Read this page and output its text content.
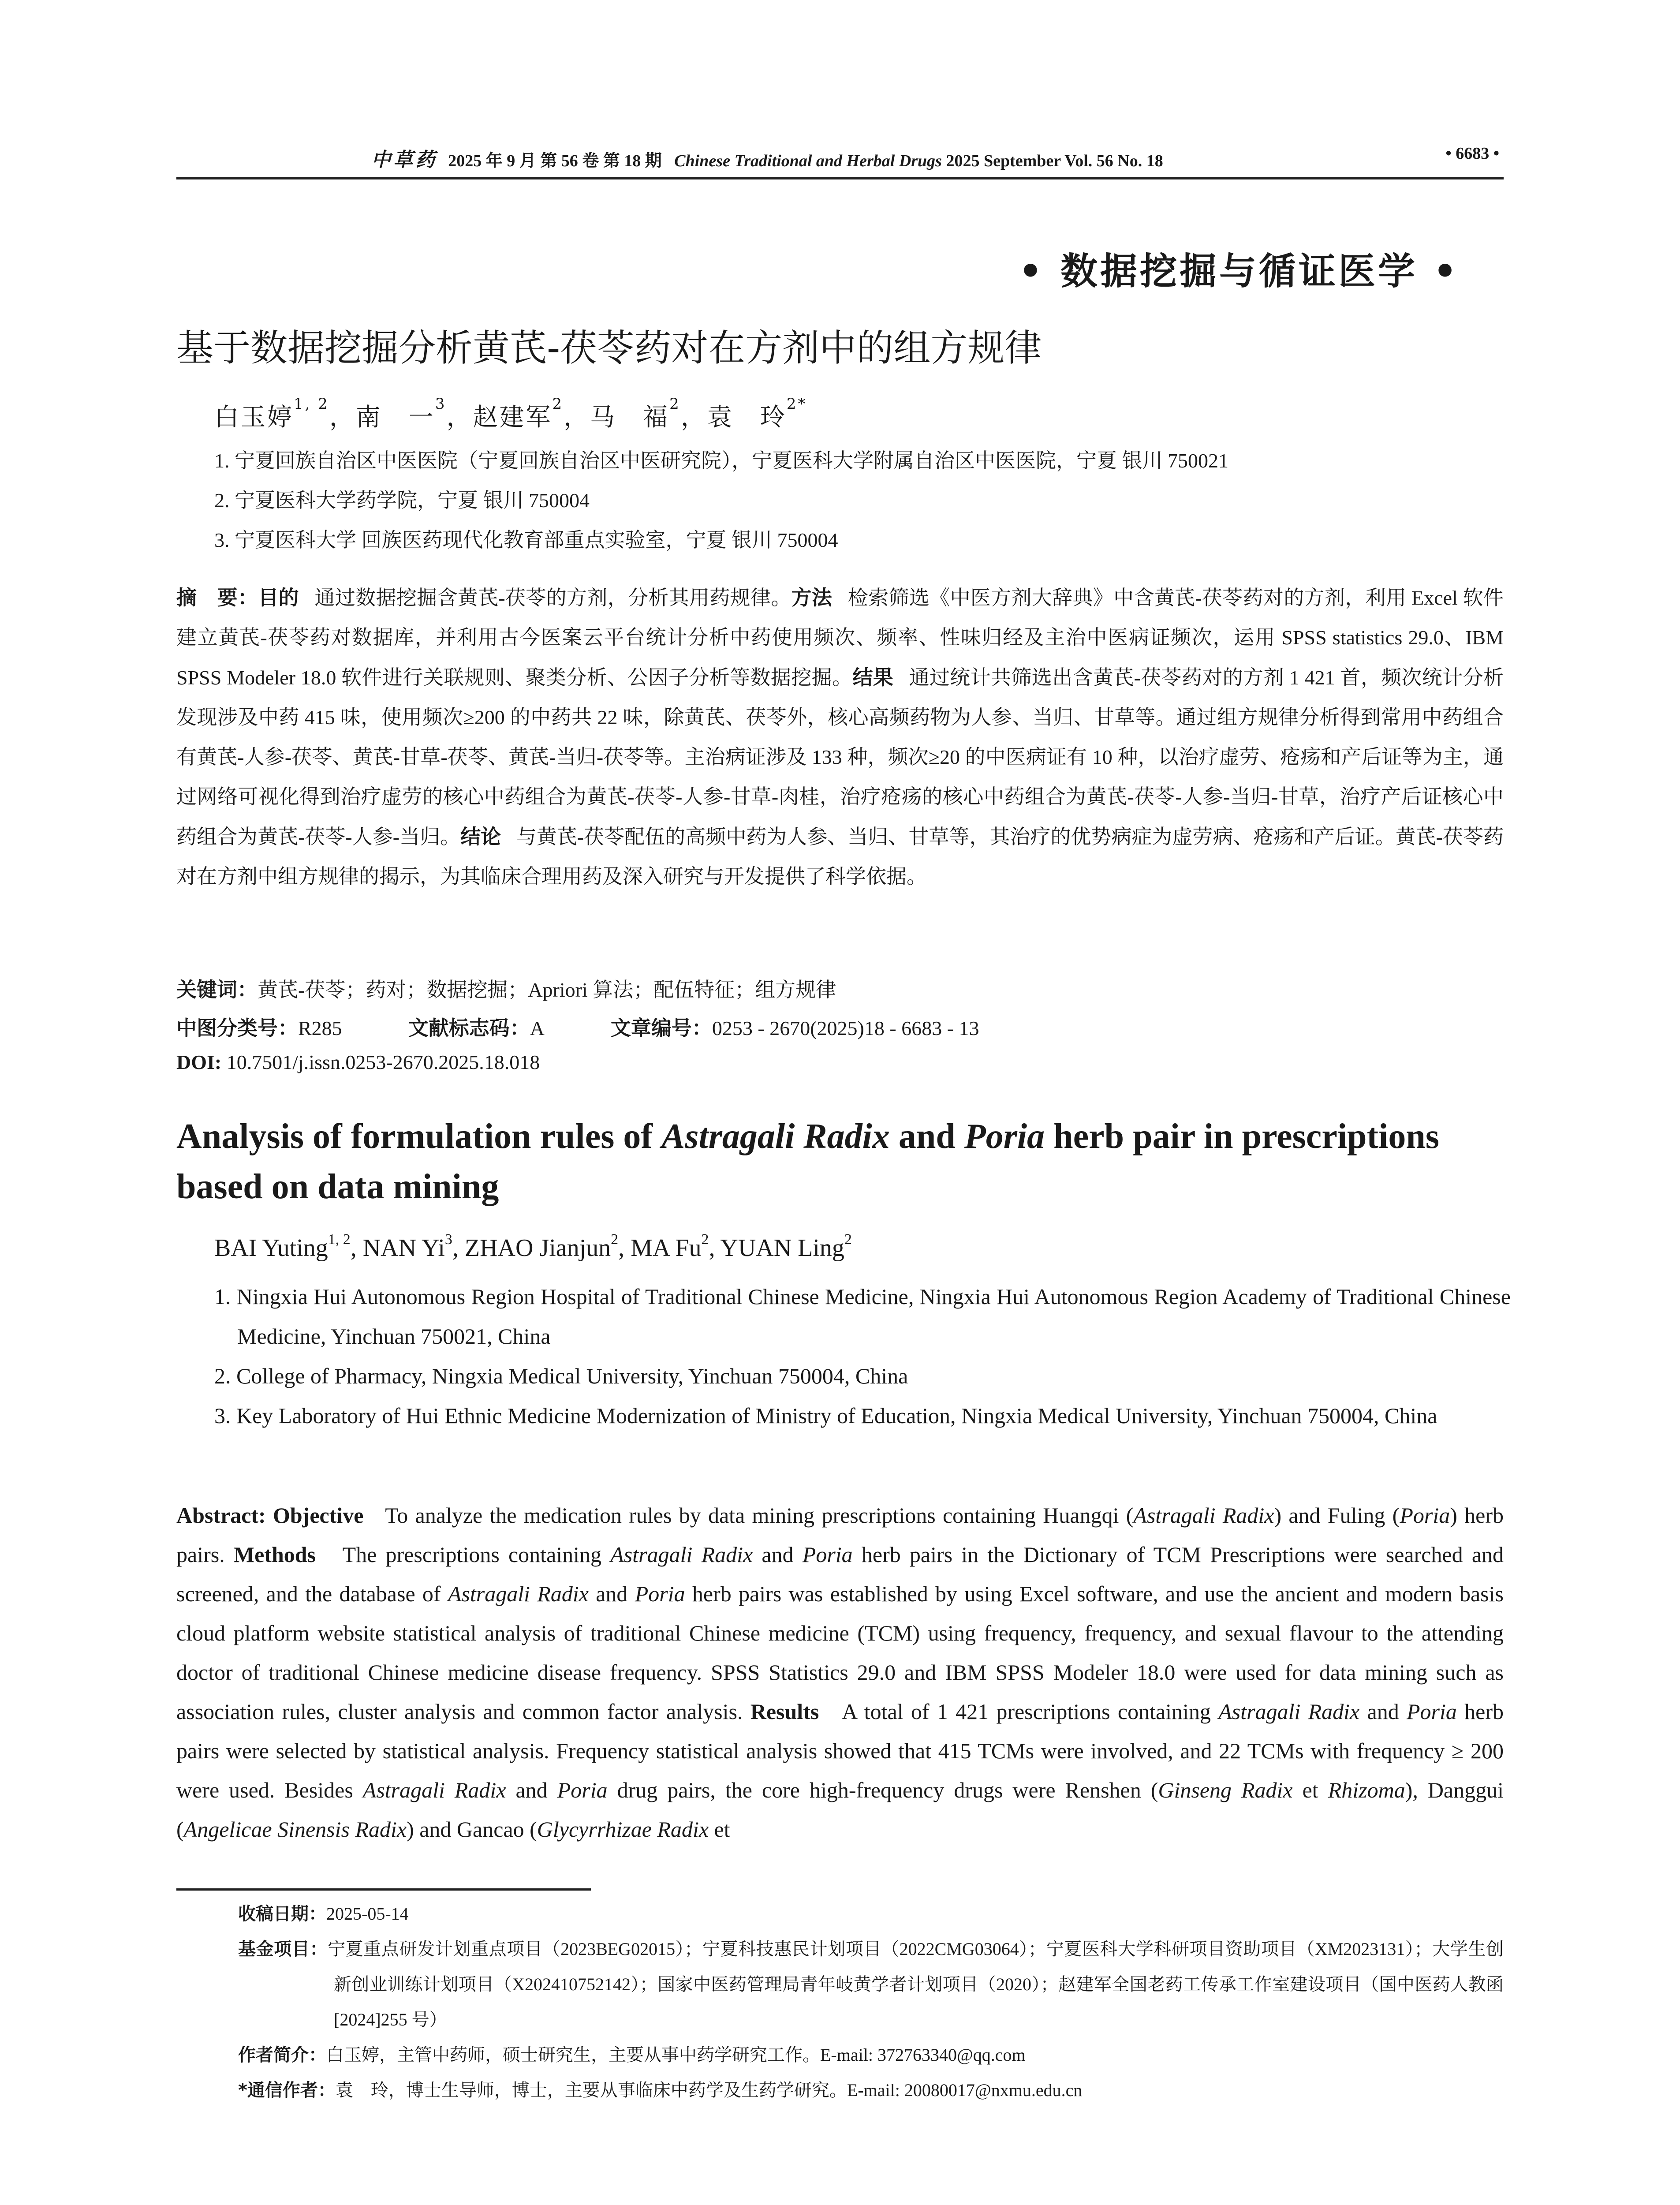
中草药 2025 年 9 月 第 56 卷 第 18 期 Chinese Traditional and Herbal Drugs 2025 September Vol. 56 No. 18	• 6683 •
• 数据挖掘与循证医学 •
基于数据挖掘分析黄芪-茯苓药对在方剂中的组方规律
白玉婷$^{1, 2}$，南　一$^3$，赵建军$^2$，马　福$^2$，袁　玲$^{2*}$
1. 宁夏回族自治区中医医院（宁夏回族自治区中医研究院），宁夏医科大学附属自治区中医医院，宁夏 银川 750021
2. 宁夏医科大学药学院，宁夏 银川 750004
3. 宁夏医科大学 回族医药现代化教育部重点实验室，宁夏 银川 750004
摘　要：目的 通过数据挖掘含黄芪-茯苓的方剂，分析其用药规律。方法 检索筛选《中医方剂大辞典》中含黄芪-茯苓药对的方剂，利用 Excel 软件建立黄芪-茯苓药对数据库，并利用古今医案云平台统计分析中药使用频次、频率、性味归经及主治中医病证频次，运用 SPSS statistics 29.0、IBM SPSS Modeler 18.0 软件进行关联规则、聚类分析、公因子分析等数据挖掘。结果 通过统计共筛选出含黄芪-茯苓药对的方剂 1 421 首，频次统计分析发现涉及中药 415 味，使用频次≥200 的中药共 22 味，除黄芪、茯苓外，核心高频药物为人参、当归、甘草等。通过组方规律分析得到常用中药组合有黄芪-人参-茯苓、黄芪-甘草-茯苓、黄芪-当归-茯苓等。主治病证涉及 133 种，频次≥20 的中医病证有 10 种，以治疗虚劳、疮疡和产后证等为主，通过网络可视化得到治疗虚劳的核心中药组合为黄芪-茯苓-人参-甘草-肉桂，治疗疮疡的核心中药组合为黄芪-茯苓-人参-当归-甘草，治疗产后证核心中药组合为黄芪-茯苓-人参-当归。结论 与黄芪-茯苓配伍的高频中药为人参、当归、甘草等，其治疗的优势病症为虚劳病、疮疡和产后证。黄芪-茯苓药对在方剂中组方规律的揭示，为其临床合理用药及深入研究与开发提供了科学依据。
关键词：黄芪-茯苓；药对；数据挖掘；Apriori 算法；配伍特征；组方规律
中图分类号：R285	文献标志码：A	文章编号：0253 - 2670(2025)18 - 6683 - 13
DOI: 10.7501/j.issn.0253-2670.2025.18.018
Analysis of formulation rules of Astragali Radix and Poria herb pair in prescriptions based on data mining
BAI Yuting$^{1, 2}$, NAN Yi$^3$, ZHAO Jianjun$^2$, MA Fu$^2$, YUAN Ling$^2$
1. Ningxia Hui Autonomous Region Hospital of Traditional Chinese Medicine, Ningxia Hui Autonomous Region Academy of Traditional Chinese Medicine, Yinchuan 750021, China
2. College of Pharmacy, Ningxia Medical University, Yinchuan 750004, China
3. Key Laboratory of Hui Ethnic Medicine Modernization of Ministry of Education, Ningxia Medical University, Yinchuan 750004, China
Abstract: Objective To analyze the medication rules by data mining prescriptions containing Huangqi (Astragali Radix) and Fuling (Poria) herb pairs. Methods The prescriptions containing Astragali Radix and Poria herb pairs in the Dictionary of TCM Prescriptions were searched and screened, and the database of Astragali Radix and Poria herb pairs was established by using Excel software, and use the ancient and modern basis cloud platform website statistical analysis of traditional Chinese medicine (TCM) using frequency, frequency, and sexual flavour to the attending doctor of traditional Chinese medicine disease frequency. SPSS Statistics 29.0 and IBM SPSS Modeler 18.0 were used for data mining such as association rules, cluster analysis and common factor analysis. Results A total of 1 421 prescriptions containing Astragali Radix and Poria herb pairs were selected by statistical analysis. Frequency statistical analysis showed that 415 TCMs were involved, and 22 TCMs with frequency ≥ 200 were used. Besides Astragali Radix and Poria drug pairs, the core high-frequency drugs were Renshen (Ginseng Radix et Rhizoma), Danggui (Angelicae Sinensis Radix) and Gancao (Glycyrrhizae Radix et
收稿日期：2025-05-14
基金项目：宁夏重点研发计划重点项目（2023BEG02015）；宁夏科技惠民计划项目（2022CMG03064）；宁夏医科大学科研项目资助项目（XM2023131）；大学生创新创业训练计划项目（X202410752142）；国家中医药管理局青年岐黄学者计划项目（2020）；赵建军全国老药工传承工作室建设项目（国中医药人教函[2024]255 号）
作者简介：白玉婷，主管中药师，硕士研究生，主要从事中药学研究工作。E-mail: 372763340@qq.com
*通信作者：袁　玲，博士生导师，博士，主要从事临床中药学及生药学研究。E-mail: 20080017@nxmu.edu.cn
